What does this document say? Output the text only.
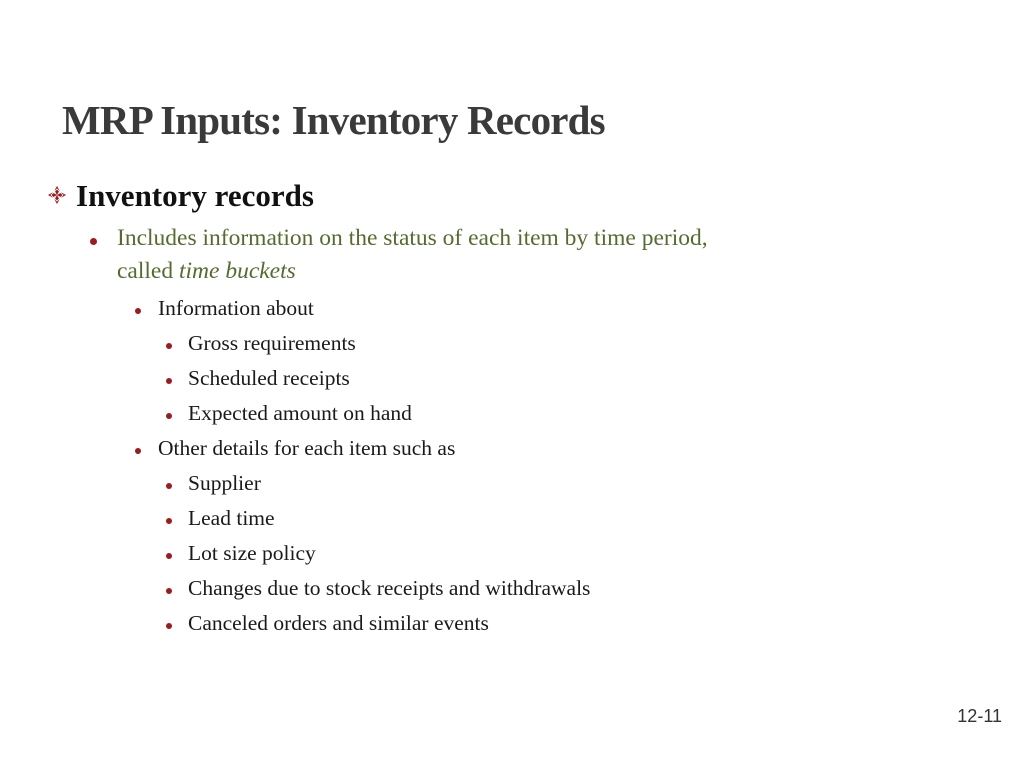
MRP Inputs: Inventory Records
Inventory records
Includes information on the status of each item by time period,
called time buckets
Information about
Gross requirements
Scheduled receipts
Expected amount on hand
Other details for each item such as
Supplier
Lead time
Lot size policy
Changes due to stock receipts and withdrawals
Canceled orders and similar events
12-11
